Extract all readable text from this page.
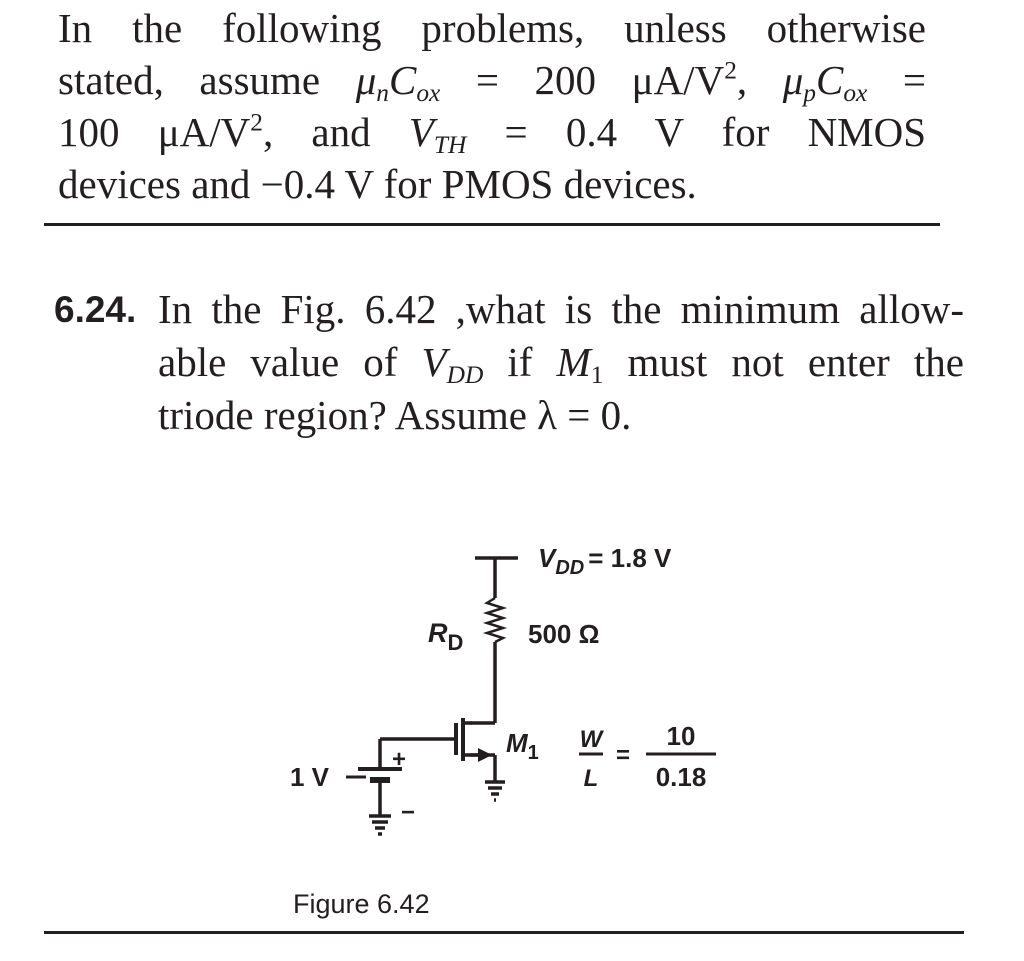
In the following problems, unless otherwise
stated, assume $\mu_nC_{ox} = 200$ $\mu A/V^2$, $\mu_pC_{ox}$ =
100 $\mu A/V^2$, and $V_{TH} = 0.4$ V for NMOS
devices and −0.4 V for PMOS devices.
6.24. In the Fig. 6.42 ,what is the minimum allow-
able value of $V_{DD}$ if $M_1$ must not enter the
triode region? Assume λ = 0.
$V_{DD} = 1.8$ V
$R_D$ 500 Ω
$M_1$ W
L
=
10
0.18
1 V
+
−
Figure 6.42
